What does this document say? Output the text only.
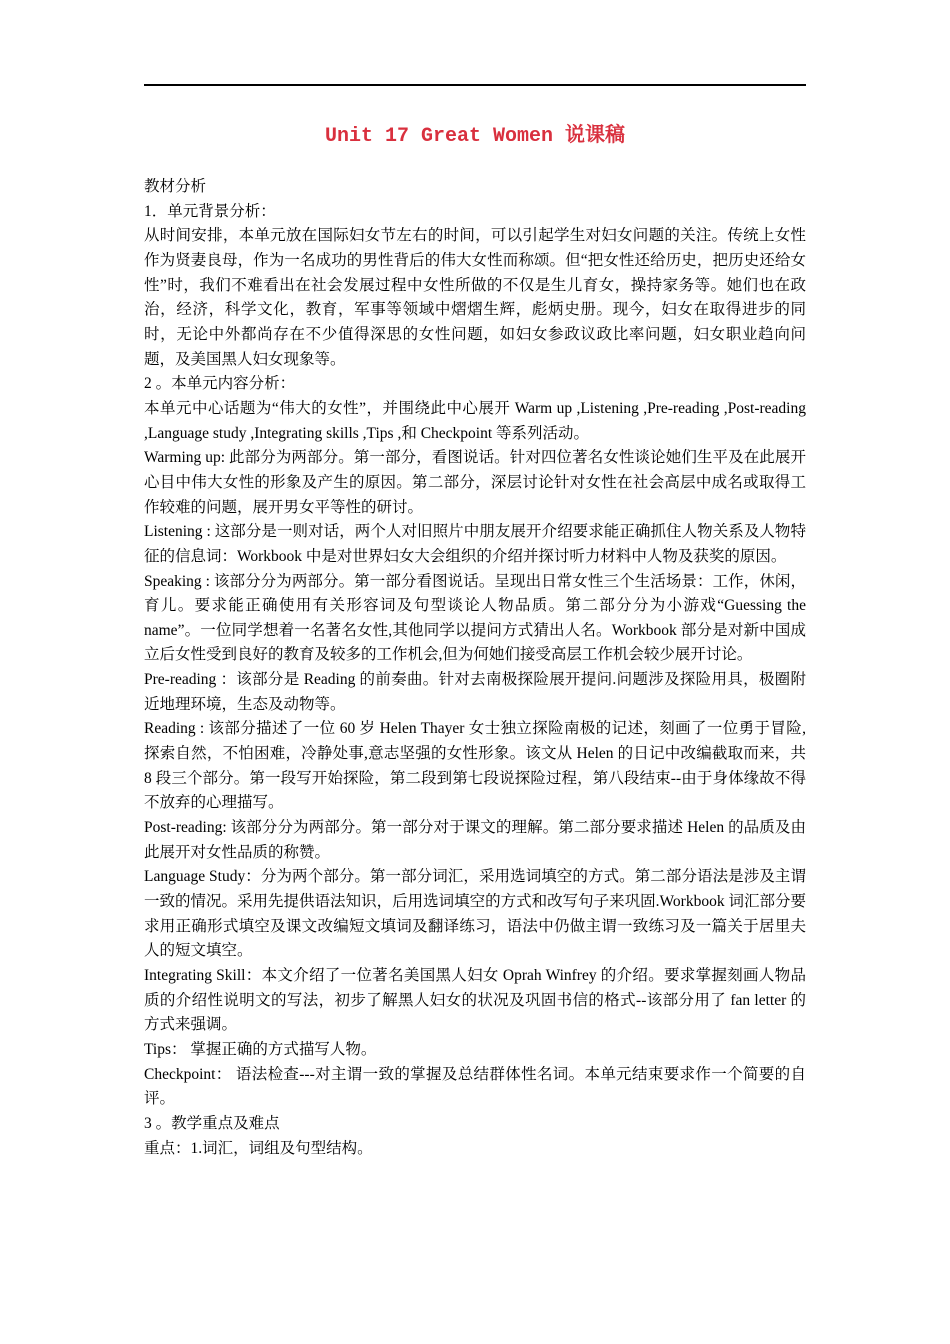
Unit 17 Great Women 说课稿

教材分析

1．单元背景分析：

从时间安排，本单元放在国际妇女节左右的时间，可以引起学生对妇女问题的关注。传统上女性作为贤妻良母，作为一名成功的男性背后的伟大女性而称颂。但“把女性还给历史，把历史还给女性”时，我们不难看出在社会发展过程中女性所做的不仅是生儿育女，操持家务等。她们也在政治，经济，科学文化，教育，军事等领域中熠熠生辉，彪炳史册。现今，妇女在取得进步的同时，无论中外都尚存在不少值得深思的女性问题，如妇女参政议政比率问题，妇女职业趋向问题，及美国黑人妇女现象等。

2 。本单元内容分析：

本单元中心话题为“伟大的女性”，并围绕此中心展开 Warm up ,Listening ,Pre-reading ,Post-reading ,Language study ,Integrating skills ,Tips ,和 Checkpoint 等系列活动。

Warming up: 此部分为两部分。第一部分，看图说话。针对四位著名女性谈论她们生平及在此展开心目中伟大女性的形象及产生的原因。第二部分，深层讨论针对女性在社会高层中成名或取得工作较难的问题，展开男女平等性的研讨。

Listening : 这部分是一则对话，两个人对旧照片中朋友展开介绍要求能正确抓住人物关系及人物特征的信息词：Workbook 中是对世界妇女大会组织的介绍并探讨听力材料中人物及获奖的原因。

Speaking : 该部分分为两部分。第一部分看图说话。呈现出日常女性三个生活场景：工作，休闲，育儿。要求能正确使用有关形容词及句型谈论人物品质。第二部分分为小游戏“Guessing the name”。一位同学想着一名著名女性,其他同学以提问方式猜出人名。Workbook 部分是对新中国成立后女性受到良好的教育及较多的工作机会,但为何她们接受高层工作机会较少展开讨论。

Pre-reading ：该部分是 Reading 的前奏曲。针对去南极探险展开提问.问题涉及探险用具，极圈附近地理环境，生态及动物等。

Reading : 该部分描述了一位 60 岁 Helen Thayer 女士独立探险南极的记述，刻画了一位勇于冒险,探索自然，不怕困难，冷静处事,意志坚强的女性形象。该文从 Helen 的日记中改编截取而来，共 8 段三个部分。第一段写开始探险，第二段到第七段说探险过程，第八段结束--由于身体缘故不得不放弃的心理描写。

Post-reading: 该部分分为两部分。第一部分对于课文的理解。第二部分要求描述 Helen 的品质及由此展开对女性品质的称赞。

Language Study：分为两个部分。第一部分词汇，采用选词填空的方式。第二部分语法是涉及主谓一致的情况。采用先提供语法知识，后用选词填空的方式和改写句子来巩固.Workbook 词汇部分要求用正确形式填空及课文改编短文填词及翻译练习，语法中仍做主谓一致练习及一篇关于居里夫人的短文填空。

Integrating Skill：本文介绍了一位著名美国黑人妇女 Oprah Winfrey 的介绍。要求掌握刻画人物品质的介绍性说明文的写法，初步了解黑人妇女的状况及巩固书信的格式--该部分用了 fan letter 的方式来强调。

Tips： 掌握正确的方式描写人物。

Checkpoint： 语法检查---对主谓一致的掌握及总结群体性名词。本单元结束要求作一个简要的自评。

3 。教学重点及难点

重点：1.词汇，词组及句型结构。
